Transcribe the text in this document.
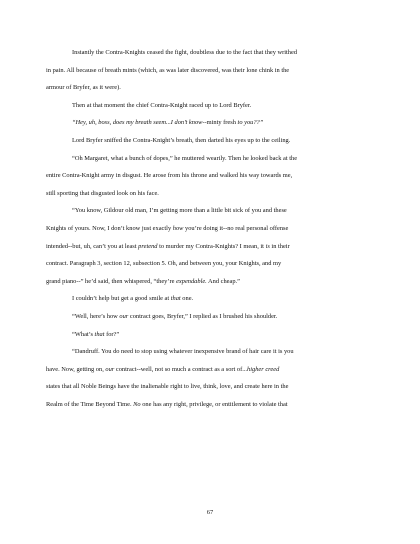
Instantly the Contra-Knights ceased the fight, doubtless due to the fact that they writhed
in pain. All because of breath mints (which, as was later discovered, was their lone chink in the
armour of Bryfer, as it were).
Then at that moment the chief Contra-Knight raced up to Lord Bryfer.
“Hey, uh, boss, does my breath seem...I don’t know--minty fresh to you??”
Lord Bryfer sniffed the Contra-Knight’s breath, then darted his eyes up to the ceiling.
“Oh Margaret, what a bunch of dopes,” he muttered wearily. Then he looked back at the
entire Contra-Knight army in disgust. He arose from his throne and walked his way towards me,
still sporting that disgusted look on his face.
“You know, Gildour old man, I’m getting more than a little bit sick of you and these
Knights of yours. Now, I don’t know just exactly how you’re doing it--no real personal offense
intended--but, uh, can’t you at least pretend to murder my Contra-Knights? I mean, it is in their
contract. Paragraph 3, section 12, subsection 5. Oh, and between you, your Knights, and my
grand piano--” he’d said, then whispered, “they’re expendable. And cheap.”
I couldn’t help but get a good smile at that one.
“Well, here’s how our contract goes, Bryfer,” I replied as I brushed his shoulder.
“What’s that for?”
“Dandruff. You do need to stop using whatever inexpensive brand of hair care it is you
have. Now, getting on, our contract--well, not so much a contract as a sort of...higher creed
states that all Noble Beings have the inalienable right to live, think, love, and create here in the
Realm of the Time Beyond Time. No one has any right, privilege, or entitlement to violate that
67
